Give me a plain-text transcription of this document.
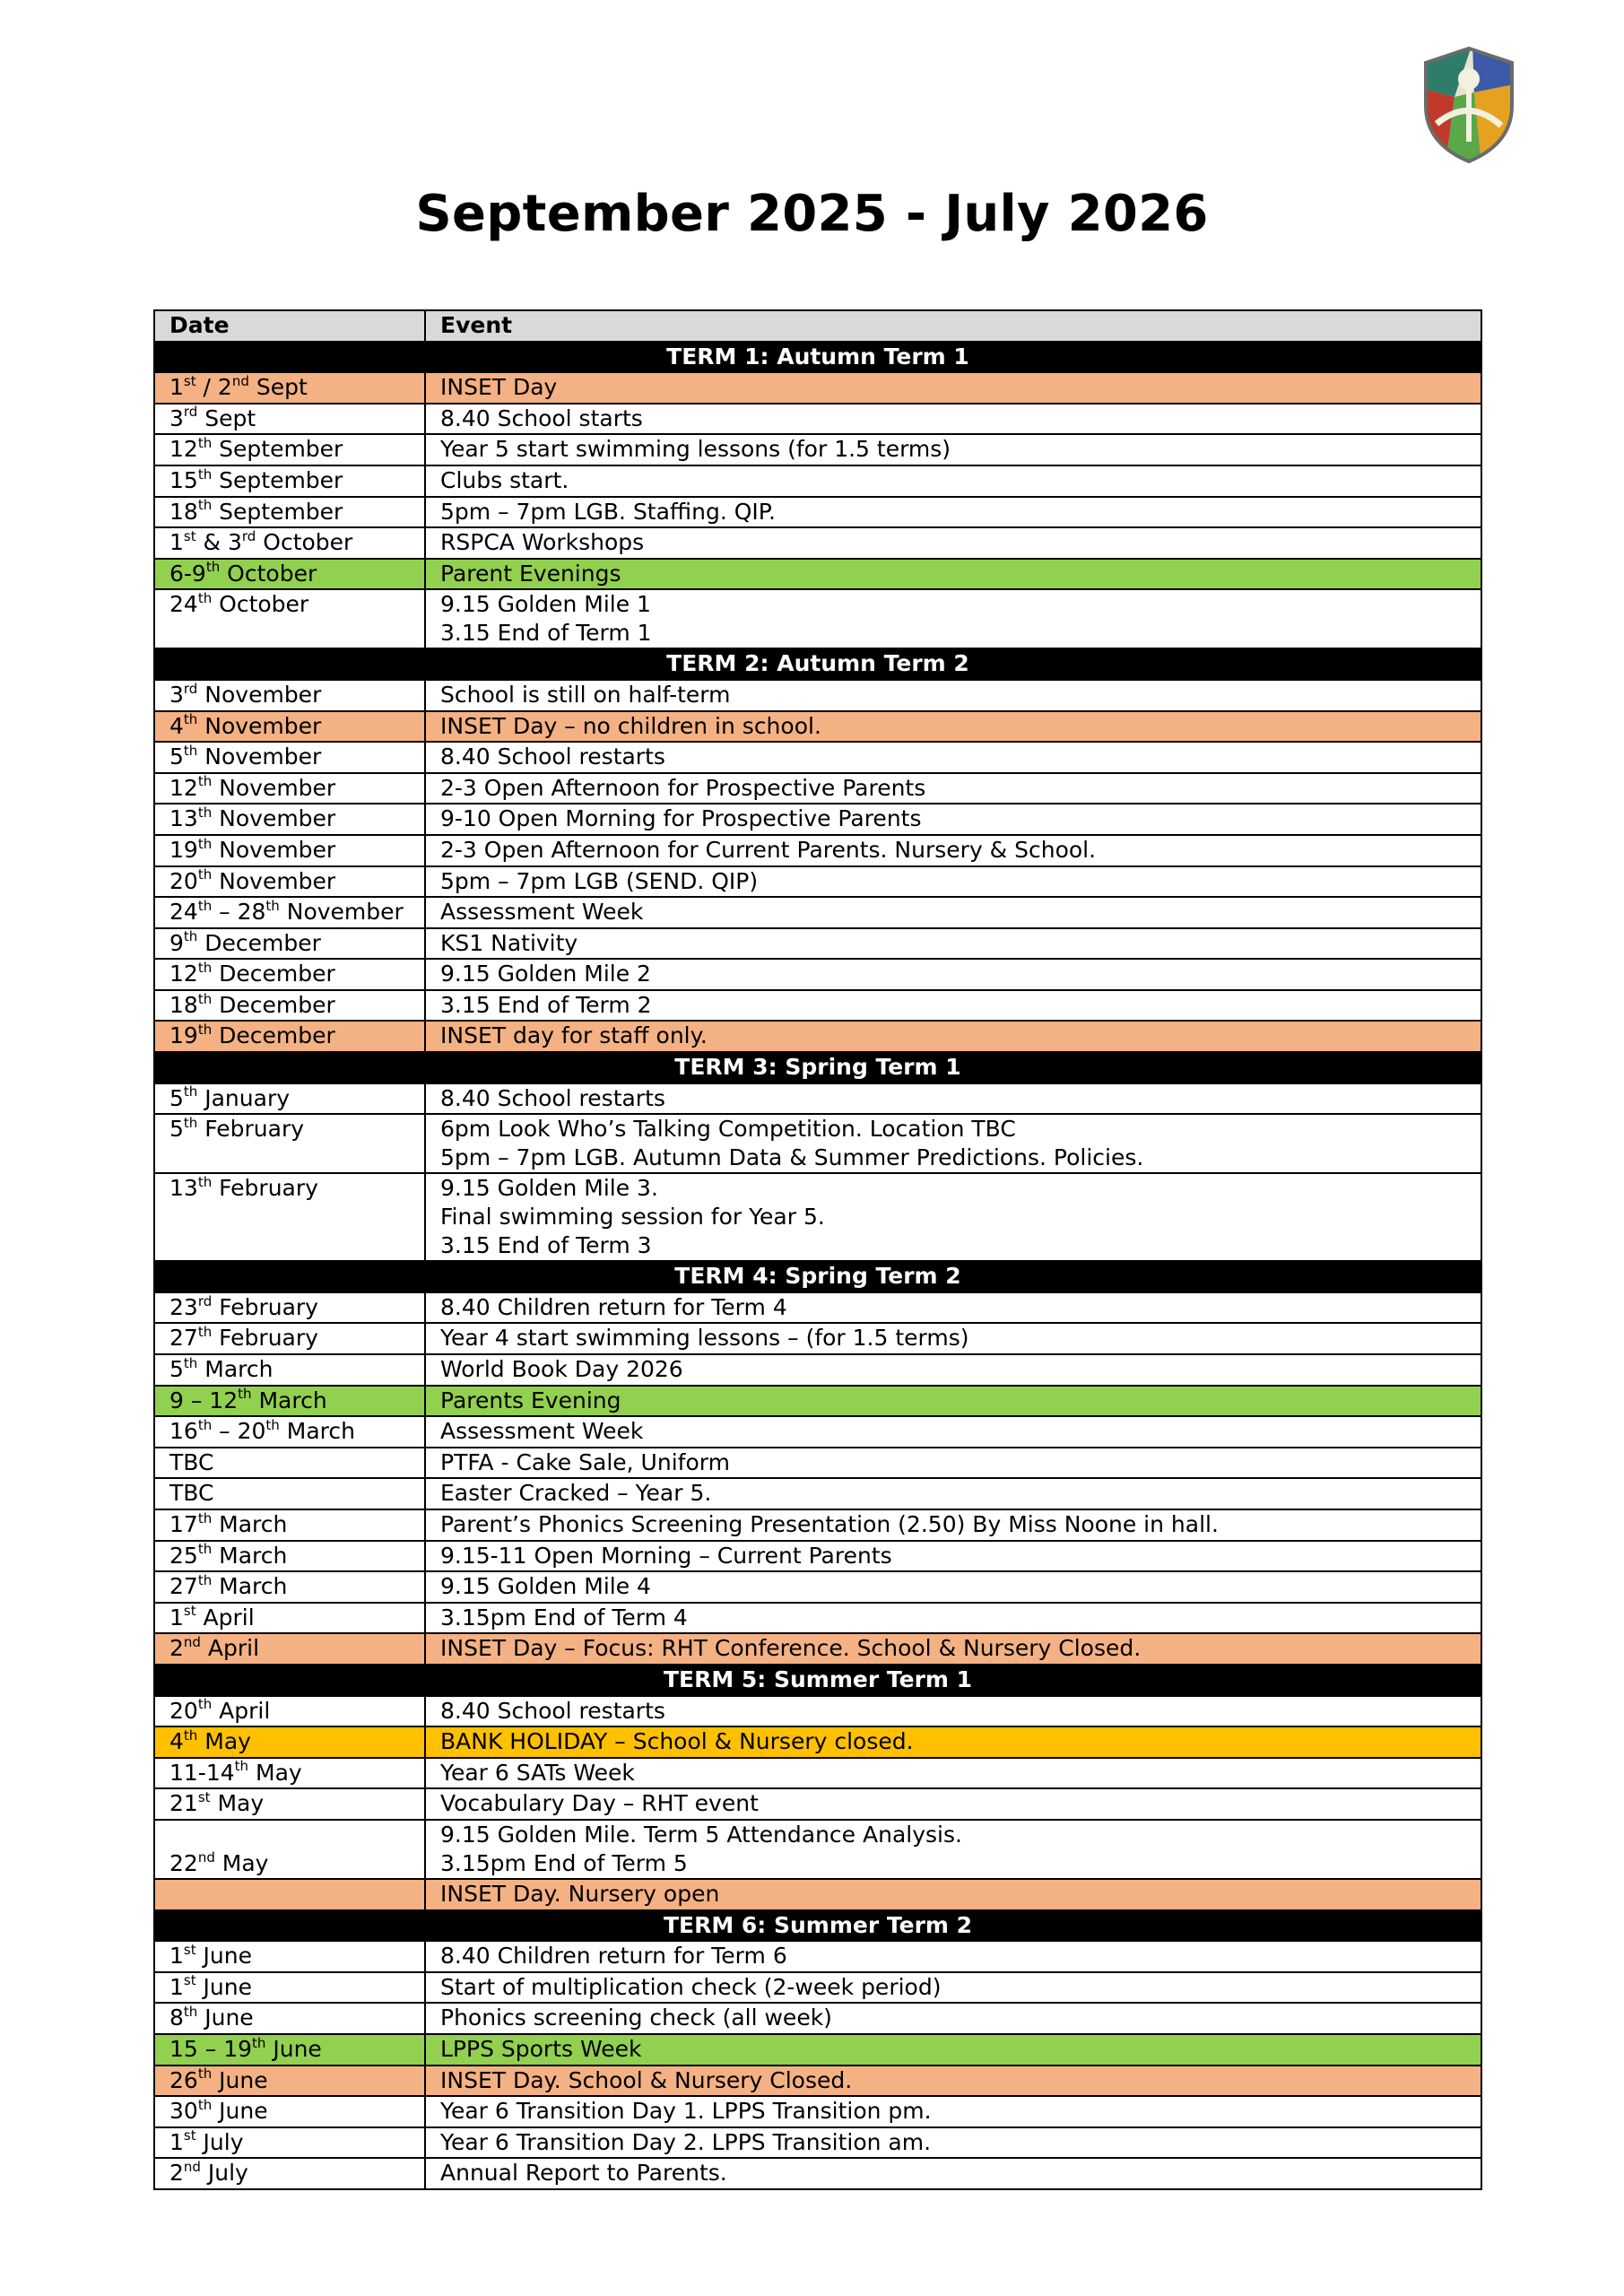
September 2025 - July 2026
Date	Event
TERM 1: Autumn Term 1	
1st / 2nd Sept	INSET Day

3rd Sept	8.40 School starts

12th September	Year 5 start swimming lessons (for 1.5 terms)

15th September	Clubs start.

18th September	5pm – 7pm LGB. Staffing. QIP.

1st & 3rd October	RSPCA Workshops

6-9th October	Parent Evenings

24th October	9.15 Golden Mile 1
3.15 End of Term 1

TERM 2: Autumn Term 2	
3rd November	School is still on half-term

4th November	INSET Day – no children in school.

5th November	8.40 School restarts

12th November	2-3 Open Afternoon for Prospective Parents

13th November	9-10 Open Morning for Prospective Parents

19th November	2-3 Open Afternoon for Current Parents. Nursery & School.

20th November	5pm – 7pm LGB (SEND. QIP)

24th – 28th November	Assessment Week

9th December	KS1 Nativity

12th December	9.15 Golden Mile 2

18th December	3.15 End of Term 2

19th December	INSET day for staff only.

TERM 3: Spring Term 1	
5th January	8.40 School restarts

5th February	6pm Look Who’s Talking Competition. Location TBC
5pm – 7pm LGB. Autumn Data & Summer Predictions. Policies.

13th February	9.15 Golden Mile 3.
Final swimming session for Year 5.
3.15 End of Term 3

TERM 4: Spring Term 2	
23rd February	8.40 Children return for Term 4

27th February	Year 4 start swimming lessons – (for 1.5 terms)

5th March	World Book Day 2026

9 – 12th March	Parents Evening

16th – 20th March	Assessment Week

TBC	PTFA - Cake Sale, Uniform

TBC	Easter Cracked – Year 5.

17th March	Parent’s Phonics Screening Presentation (2.50) By Miss Noone in hall.

25th March	9.15-11 Open Morning – Current Parents

27th March	9.15 Golden Mile 4

1st April	3.15pm End of Term 4

2nd April	INSET Day – Focus: RHT Conference. School & Nursery Closed.

TERM 5: Summer Term 1	
20th April	8.40 School restarts

4th May	BANK HOLIDAY – School & Nursery closed.

11-14th May	Year 6 SATs Week

21st May	Vocabulary Day – RHT event

22nd May	9.15 Golden Mile. Term 5 Attendance Analysis.
3.15pm End of Term 5

	INSET Day. Nursery open

TERM 6: Summer Term 2	
1st June	8.40 Children return for Term 6

1st June	Start of multiplication check (2-week period)

8th June	Phonics screening check (all week)

15 – 19th June	LPPS Sports Week

26th June	INSET Day. School & Nursery Closed.

30th June	Year 6 Transition Day 1. LPPS Transition pm.

1st July	Year 6 Transition Day 2. LPPS Transition am.

2nd July	Annual Report to Parents.
